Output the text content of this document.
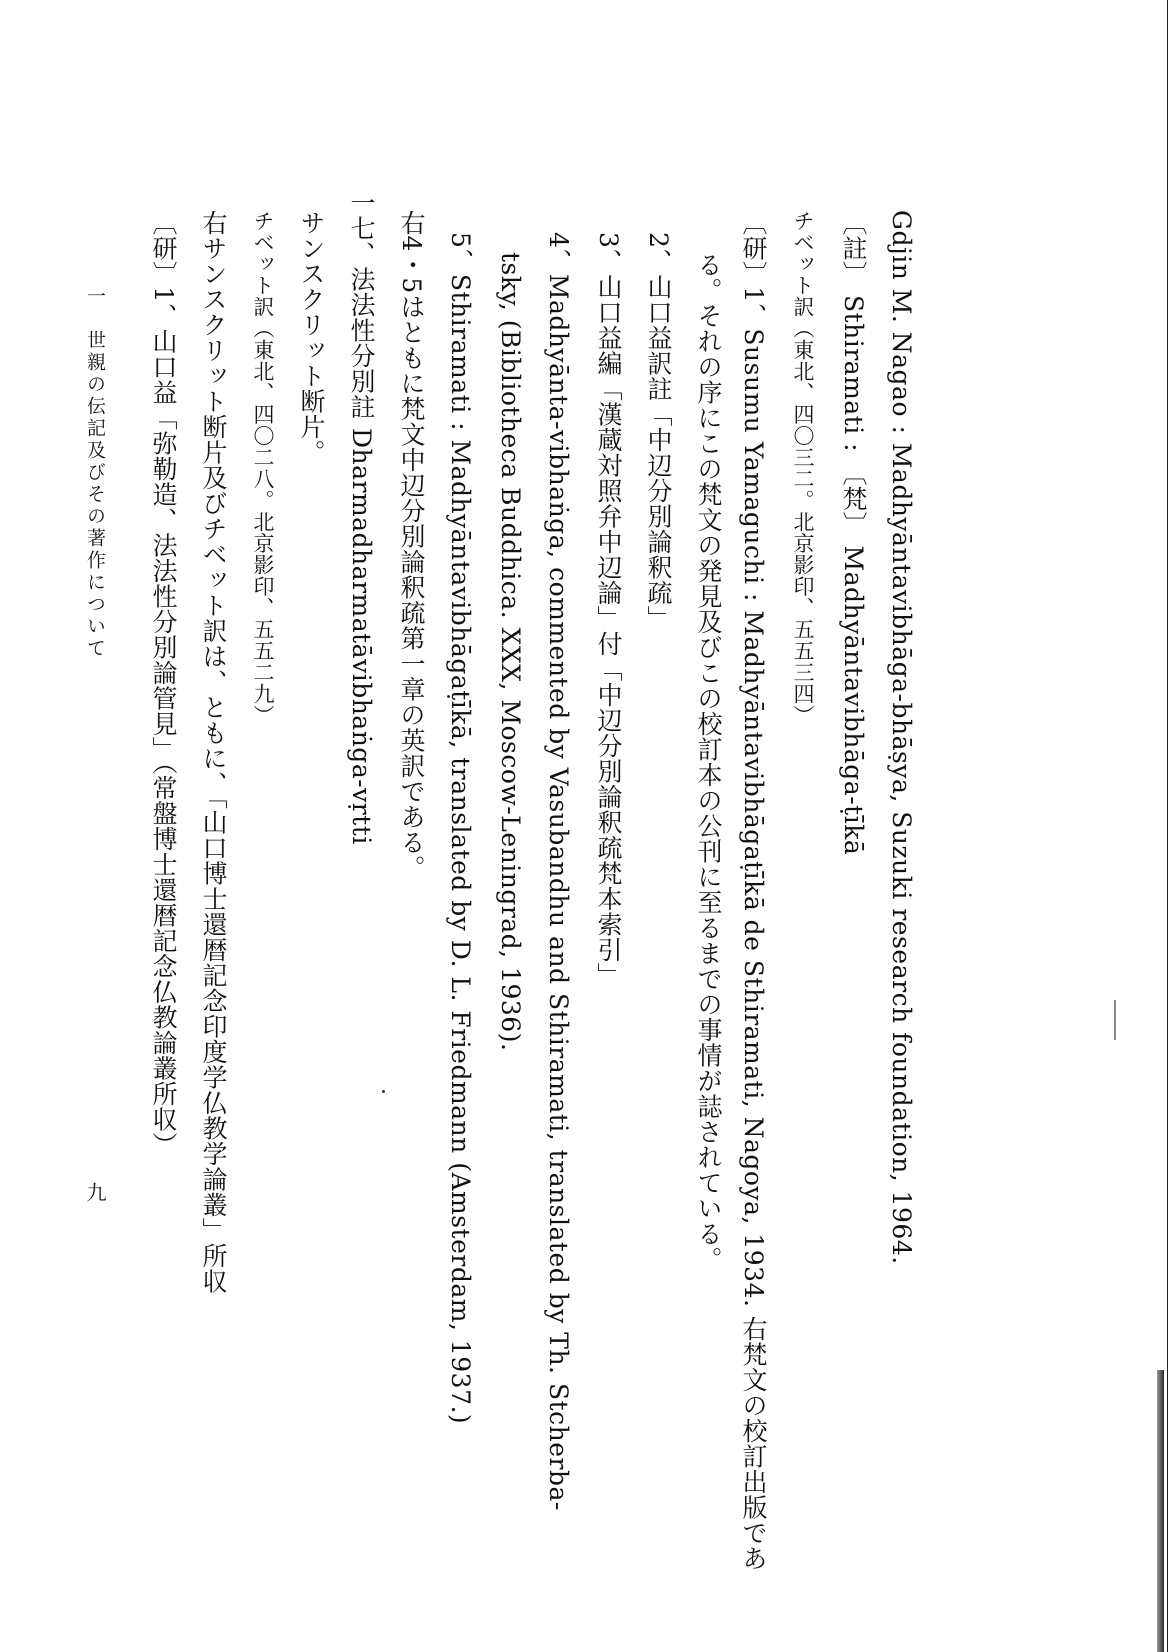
Gdjin M. Nagao : Madhyāntavibhāga-bhāṣya, Suzuki research foundation, 1964.
〔註〕 Sthiramati : 〔梵〕 Madhyāntavibhāga-ṭīkā
チベット訳（東北、四〇三二。北京影印、五五三四）
〔研〕1、Susumu Yamaguchi : Madhyāntavibhāgaṭīkā de Sthiramati, Nagoya, 1934. 右梵文の校訂出版であ
る。それの序にこの梵文の発見及びこの校訂本の公刊に至るまでの事情が誌されている。
2、山口益訳註「中辺分別論釈疏」
3、山口益編「漢蔵対照弁中辺論」付「中辺分別論釈疏梵本索引」
4、Madhyānta-vibhaṅga, commented by Vasubandhu and Sthiramati, translated by Th. Stcherba-
tsky, (Bibliotheca Buddhica. XXX, Moscow-Leningrad, 1936).
5、Sthiramati : Madhyāntavibhāgaṭīkā, translated by D. L. Friedmann (Amsterdam, 1937.)
右4・5はともに梵文中辺分別論釈疏第一章の英訳である。
一七、法法性分別註 Dharmadharmatāvibhaṅga-vṛtti
サンスクリット断片。
チベット訳（東北、四〇二八。北京影印、五五二九）
右サンスクリット断片及びチベット訳は、ともに、「山口博士還暦記念印度学仏教学論叢」所収
〔研〕1、山口益「弥勒造、法法性分別論管見」（常盤博士還暦記念仏教論叢所収）
一　世親の伝記及びその著作について
九
